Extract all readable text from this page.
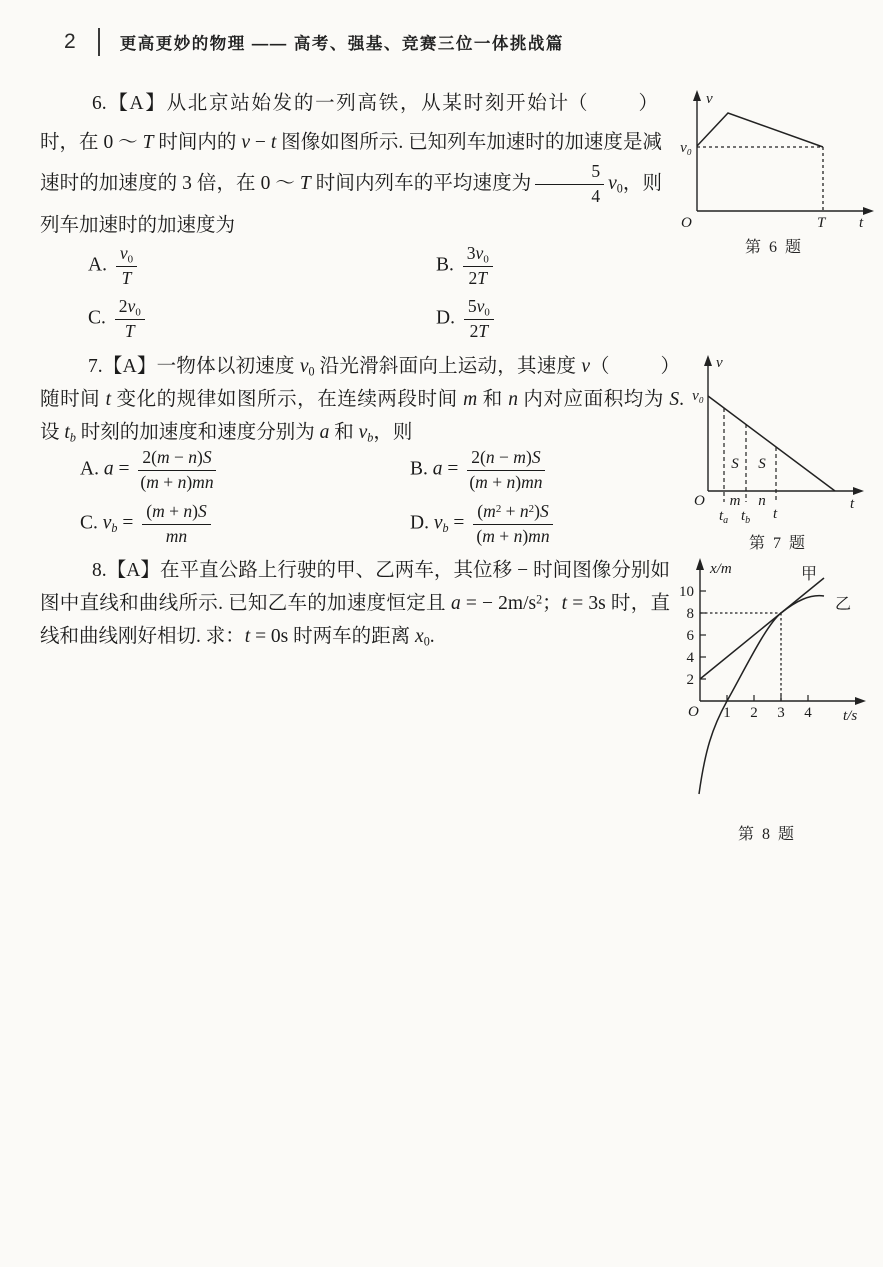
2	更高更妙的物理 —— 高考、强基、竞赛三位一体挑战篇
（　　）
6.【A】从北京站始发的一列高铁，从某时刻开始计时，在 0 ～ T 时间内的 v − t 图像如图所示. 已知列车加速时的加速度是减速时的加速度的 3 倍，在 0 ～ T 时间内列车的平均速度为 $\frac{5}{4} v_0$，则列车加速时的加速度为
A. $\frac{v_0}{T}$	B. $\frac{3v_0}{2T}$
C. $\frac{2v_0}{T}$	D. $\frac{5v_0}{2T}$
v
v₀
O	T t
第 6 题
（　　）
7.【A】一物体以初速度 $v_0$ 沿光滑斜面向上运动，其速度 v 随时间 t 变化的规律如图所示，在连续两段时间 m 和 n 内对应面积均为 S. 设 $t_b$ 时刻的加速度和速度分别为 a 和 $v_b$，则
A. $a = \frac{2(m - n)S}{(m + n)mn}$	B. $a = \frac{2(n - m)S}{(m + n)mn}$
C. $v_b = \frac{(m + n)S}{mn}$	D. $v_b = \frac{(m^2 + n^2)S}{(m + n)mn}$
v
v₀
S S
m n
O	t
$t_a$ $t_b$ t
第 7 题
8.【A】在平直公路上行驶的甲、乙两车，其位移 − 时间图像分别如图中直线和曲线所示. 已知乙车的加速度恒定且 a = − $2m/s^2$；t = 3s 时，直线和曲线刚好相切. 求：t = 0s 时两车的距离 $x_0$.
x/m
t/s
O
2
4
6
8
10
1 2 3 4
甲
乙
第 8 题
